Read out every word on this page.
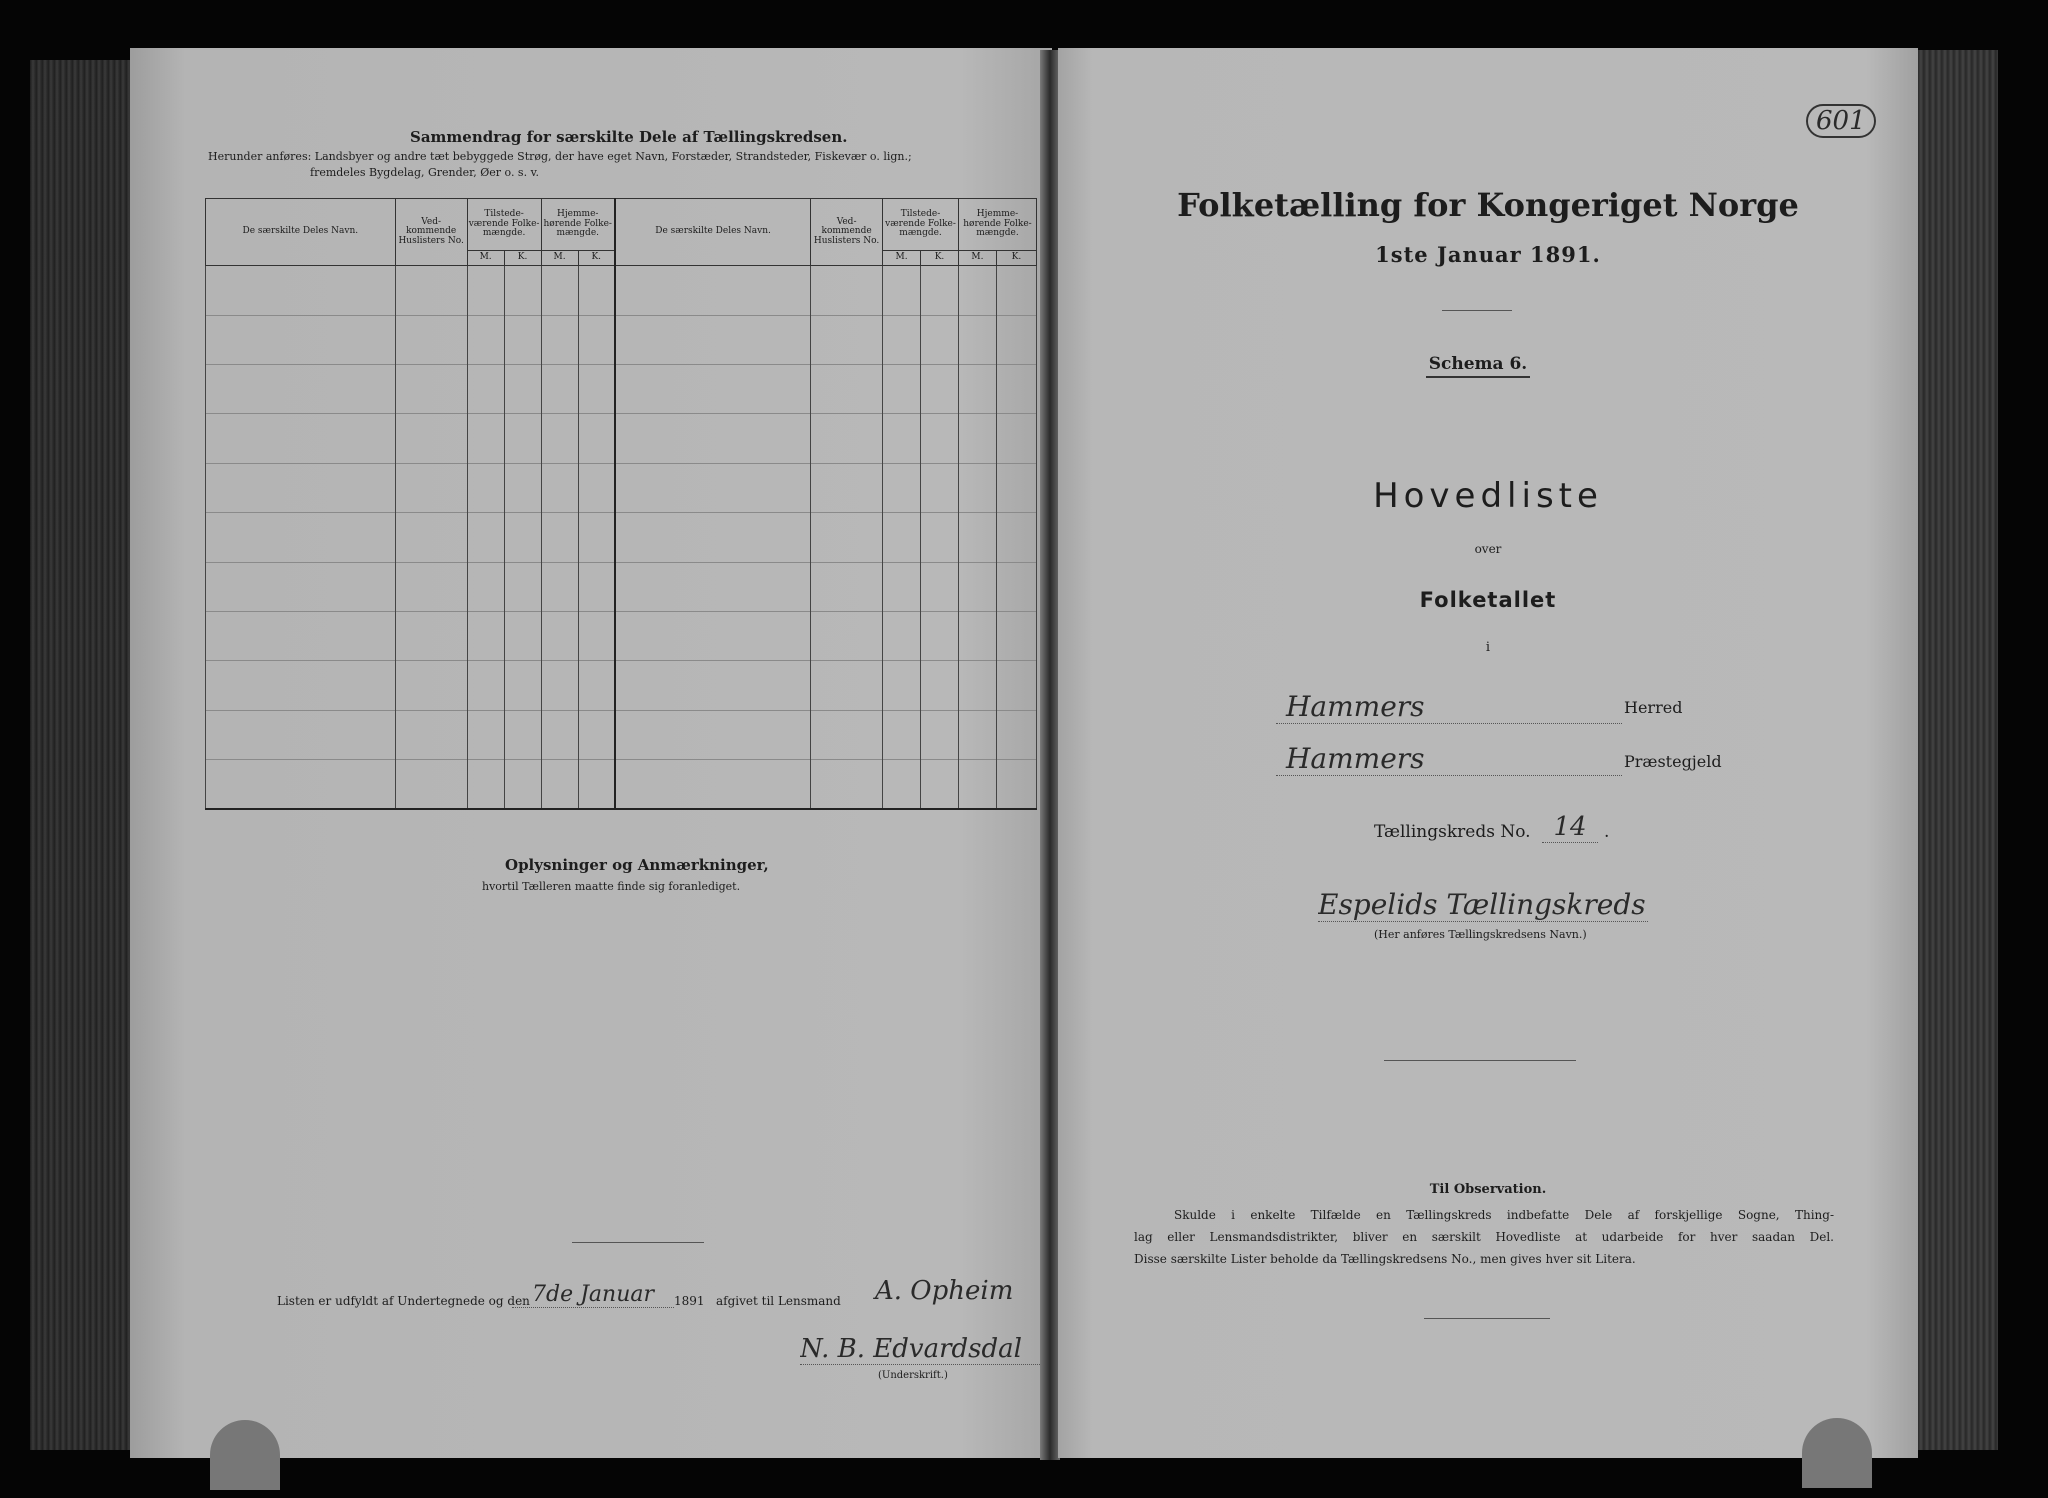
Sammendrag for særskilte Dele af Tællingskredsen.
Herunder anføres: Landsbyer og andre tæt bebyggede Strøg, der have eget Navn, Forstæder, Strandsteder, Fiskevær o. lign.;
fremdeles Bygdelag, Grender, Øer o. s. v.
De særskilte Deles Navn.	Ved-kommende Huslisters No.	Tilstede-værende Folke-mængde.		Hjemme-hørende Folke-mængde.		De særskilte Deles Navn.	Ved-kommende Huslisters No.	Tilstede-værende Folke-mængde.		Hjemme-hørende Folke-mængde.	
		M.	K.	M.	K.			M.	K.	M.	K.

Oplysninger og Anmærkninger,
hvortil Tælleren maatte finde sig foranlediget.
Listen er udfyldt af Undertegnede og den 7de Januar	1891 afgivet til Lensmand A. Opheim
N. B. Edvardsdal
(Underskrift.)
601
Folketælling for Kongeriget Norge
1ste Januar 1891.
Schema 6.
Hovedliste
over
Folketallet
i
Hammers	Herred
Hammers	Præstegjeld
Tællingskreds No. 14	.
Espelids Tællingskreds
(Her anføres Tællingskredsens Navn.)
Til Observation.
Skulde i enkelte Tilfælde en Tællingskreds indbefatte Dele af forskjellige Sogne, Thing-
lag eller Lensmandsdistrikter, bliver en særskilt Hovedliste at udarbeide for hver saadan Del.
Disse særskilte Lister beholde da Tællingskredsens No., men gives hver sit Litera.
